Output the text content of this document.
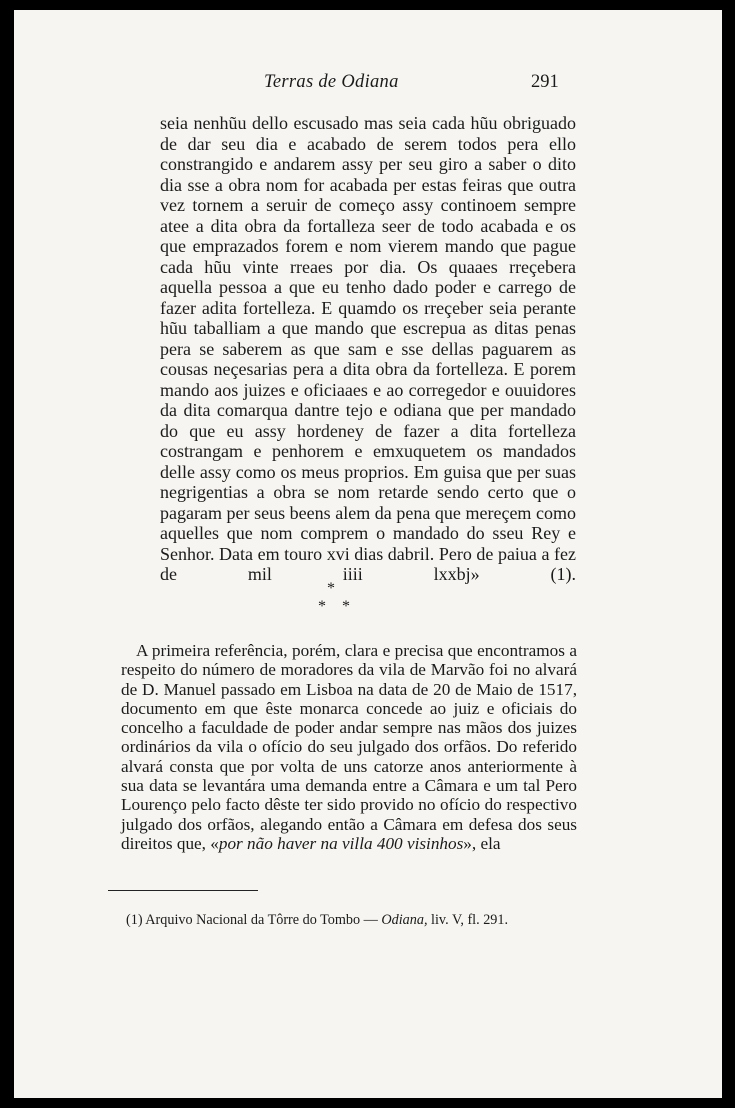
Terras de Odiana	291

seia nenhũu dello escusado mas seia cada hũu obriguado de dar seu dia e acabado de serem todos pera ello constrangido e andarem assy per seu giro a saber o dito dia sse a obra nom for acabada per estas feiras que outra vez tornem a seruir de começo assy continoem sempre atee a dita obra da fortalleza seer de todo acabada e os que emprazados forem e nom vierem mando que pague cada hũu vinte rreaes por dia. Os quaaes rreçebera aquella pessoa a que eu tenho dado poder e carrego de fazer adita fortelleza. E quamdo os rreçeber seia perante hũu taballiam a que mando que escrepua as ditas penas pera se saberem as que sam e sse dellas paguarem as cousas neçesarias pera a dita obra da fortelleza. E porem mando aos juizes e oficiaaes e ao corregedor e ouuidores da dita comarqua dantre tejo e odiana que per mandado do que eu assy hordeney de fazer a dita fortelleza costrangam e penhorem e emxuquetem os mandados delle assy como os meus proprios. Em guisa que per suas negrigentias a obra se nom retarde sendo certo que o pagaram per seus beens alem da pena que mereçem como aquelles que nom comprem o mandado do sseu Rey e Senhor. Data em touro xvi dias dabril. Pero de paiua a fez de mil iiii lxxbj» (1).

*
* *

A primeira referência, porém, clara e precisa que encontramos a respeito do número de moradores da vila de Marvão foi no alvará de D. Manuel passado em Lisboa na data de 20 de Maio de 1517, documento em que êste monarca concede ao juiz e oficiais do concelho a faculdade de poder andar sempre nas mãos dos juizes ordinários da vila o ofício do seu julgado dos orfãos. Do referido alvará consta que por volta de uns catorze anos anteriormente à sua data se levantára uma demanda entre a Câmara e um tal Pero Lourenço pelo facto dêste ter sido provido no ofício do respectivo julgado dos orfãos, alegando então a Câmara em defesa dos seus direitos que, «por não haver na villa 400 visinhos», ela

(1) Arquivo Nacional da Tôrre do Tombo — Odiana, liv. V, fl. 291.
